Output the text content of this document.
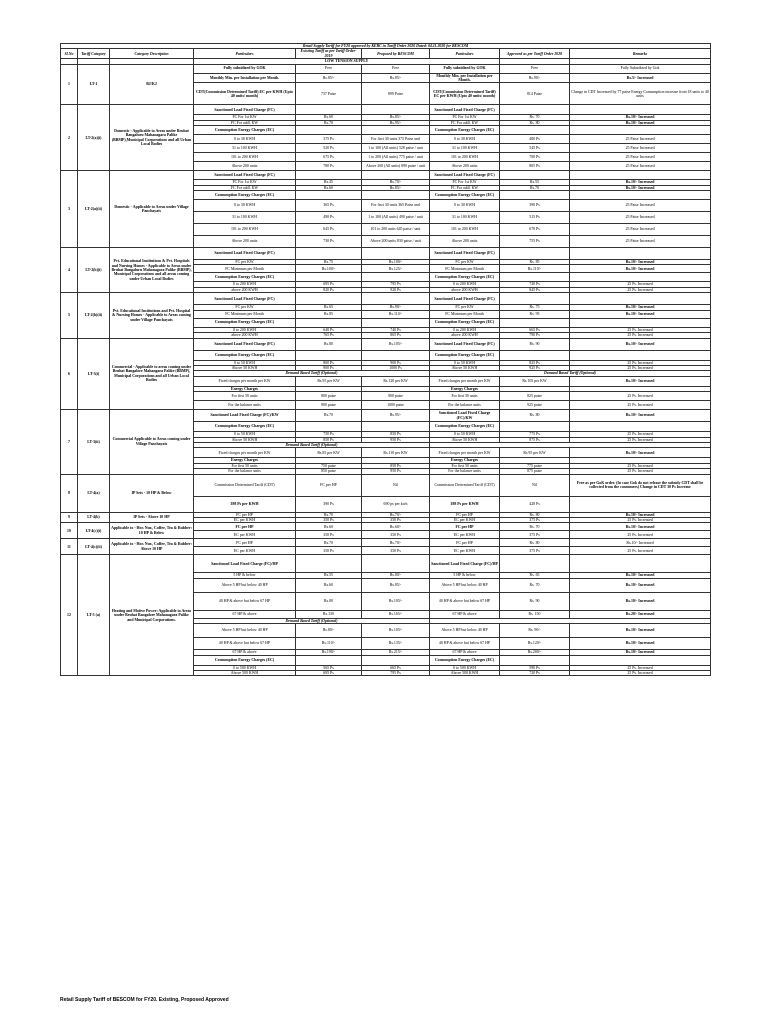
Retail Supply Tariff for FY20 approved by KERC in Tariff Order 2020 Dated: 04.11.2020 for BESCOM								
Sl.No	Tariff Category	Category Description	Particulars	Existing Tariff as per Tariff Order-2019	Proposed by BESCOM	Particulars	Approved as per Tariff Order 2020	Remarks
			LOW TENSION SUPPLY					
1	LT-1	BJ/KJ	Fully subsidized by GOK	Free	Free	Fully subsidized by GOK	Free	Fully Subsidized by Gok
			Monthly Min. per Installation per Month.	Rs.85/-	Rs.85/-	Monthly Min. per Installation per Month.	Rs.90/-	Rs.5/- Increased
			CDT(Commission Determined Tariff) EC per KWH (Upto 40 units/ month)	737 Paise	899 Paise	CDT(Commission Determined Tariff) EC per KWH (Upto 40 units/ month)	814 Paise	Change in CDT Increased by 77 paise Energy Consumption increase from 18 units to 40 units
2	LT-2(a)(i)	Domestic - Applicable to Areas under Bruhat Bangaluru Mahanagara Palike (BBMP),Municipal Corporations and all Urban Local Bodies	Sanctioned Load Fixed Charge (FC)			Sanctioned Load Fixed Charge (FC)		
			FC For 1st KW	Rs.60	Rs.85/-	FC For 1st KW	Rs. 70	Rs.10/- Increased
			FC For addl. KW	Rs.70	Rs.95/-	FC For addl. KW	Rs. 80	Rs.10/- Increased
			Consumption Energy Charges (EC)			Consumption Energy Charges (EC)		
			0 to 30 KWH	375 Ps	For fisrt 30 units 375 Paise and	0 to 30 KWH	400 Ps	25 Paise Increased
			31 to 100 KWH	520 Ps	1 to 100 (All units) 528 paise / unit	31 to 100 KWH	545 Ps	25 Paise Increased
			101 to 200 KWH	675 Ps	1 to 200 (All units) 775 paise / unit	101 to 200 KWH	700 Ps	25 Paise Increased
			Above 200 units	780 Ps	Above 200 (All units) 890 paise / unit	Above 200 units	805 Ps	25 Paise Increased
3	LT-2(a)(ii)	Domestic - Applicable to Areas under Village Panchayats	Sanctioned Load Fixed Charge (FC)			Sanctioned Load Fixed Charge (FC)		
			FC For 1st KW	Rs.45	Rs.70/-	FC For 1st KW	Rs.55	Rs.10/- Increased
			FC For addl. KW	Rs.60	Rs.85/-	FC For addl. KW	Rs.70	Rs.10/- Increased
			Consumption Energy Charges (EC)			Consumption Energy Charges (EC)		
			0 to 30 KWH	365 Ps	For fisrt 30 units 365 Paise and	0 to 30 KWH	390 Ps	25 Paise Increased
			31 to 100 KWH	490 Ps	1 to 100 (All units) 490 paise / unit	31 to 100 KWH	515 Ps	25 Paise Increased
			101 to 200 KWH	645 Ps	101 to 200 units 645 paise / unit	101 to 200 KWH	670 Ps	25 Paise Increased
			Above 200 units	730 Ps	Above 200 units 830 paise / unit	Above 200 units	755 Ps	25 Paise Increased
4	LT-2(b)(i)	Pvt. Educational Institutions & Pvt. Hospitals and Nursing Homes - Applicable to Areas under Bruhat Bangaluru Mahanagara Palike (BBMP), Municipal Corporations and all areas coming under Urban Local Bodies	Sanctioned Load Fixed Charge (FC)			Sanctioned Load Fixed Charge (FC)		
			FC per KW	Rs.75	Rs.100/-	FC per KW	Rs. 85	Rs.10/- Increased
			FC Minimum per Month	Rs.100/-	Rs.125/-	FC Minimum per Month	Rs.110/-	Rs.10/- Increased
			Consumption Energy Charges (EC)			Consumption Energy Charges (EC)		
			0 to 200 KWH	695 Ps	795 Ps	0 to 200 KWH	720 Ps	25 Ps. Increased
			above 200 KWH	820 Ps	920 Ps	above 200 KWH	845 Ps	25 Ps. Increased
5	LT-2(b)(ii)	Pvt. Educational Institutions and Pvt. Hospital & Nursing Homes - Applicable to Areas coming under Village Panchayats	Sanctioned Load Fixed Charge (FC)			Sanctioned Load Fixed Charge (FC)		
			FC per KW	Rs.65	Rs.90/-	FC per KW	Rs. 75	Rs.10/- Increased
			FC Minimum per Month	Rs.85	Rs.110/-	FC Minimum per Month	Rs. 95	Rs.10/- Increased
			Consumption Energy Charges (EC)			Consumption Energy Charges (EC)		
			0 to 200 KWH	640 Ps	740 Ps	0 to 200 KWH	665 Ps	25 Ps. Increased
			above 200 KWH	765 Ps	865 Ps	above 200 KWH	790 Ps	25 Ps. Increased
6	LT-3(i)	Commercial - Applicable to areas coming under Bruhat Bangalore Mahangara Palike (BBMP), Municipal Corporations and all Urban Local Bodies	Sanctioned Load Fixed Charge (FC)	Rs.80	Rs.105/-	Sanctioned Load Fixed Charge (FC)	Rs. 90	Rs.10/- Increased
			Consumption Energy Charges (EC)			Consumption Energy Charges (EC)		
			0 to 50 KWH	800 Ps	900 Ps	0 to 50 KWH	825 Ps	25 Ps. Increased
			Above 50 KWH	900 Ps	1000 Ps	Above 50 KWH	925 Ps	25 Ps. Increased
			Demand Based Tariff (Optional)			Demand Based Tariff (Optional)		
			Fixed charges per month per KW	Rs.95 per KW	Rs.120 per KW	Fixed charges per month per KW	Rs.105 per KW	Rs.10/- Increased
			Energy Charges			Energy Charges		
			For first 50 units	800 paise	900 paise	For first 50 units	825 paise	25 Ps. Increased
			For the balance units	900 paise	1000 paise	For the balance units	925 paise	25 Ps. Increased
7	LT-3(ii)	Commercial Applicable to Areas coming under Village Panchayats	Sanctioned Load Fixed Charge (FC)/KW	Rs.70	Rs.95/-	Sanctioned Load Fixed Charge (FC)/KW	Rs. 80	Rs.10/- Increased
			Consumption Energy Charges (EC)			Consumption Energy Charges (EC)		
			0 to 50 KWH	750 Ps	850 Ps	0 to 50 KWH	775 Ps	25 Ps. Increased
			Above 50 KWH	850 Ps	950 Ps	Above 50 KWH	875 Ps	25 Ps. Increased
			Demand Based Tariff (Optional)					
			Fixed charges per month per KW	Rs.85 per KW	Rs.110 per KW	Fixed charges per month per KW	Rs.95 per KW	Rs.10/- Increased
			Energy Charges			Energy Charges		
			For first 50 units	750 paise	850 Ps	For first 50 units	775 paise	25 Ps. Increased
			For the balance units	850 paise	950 Ps	For the balance units	875 paise	25 Ps. Increased
8	LT-4(a)	IP Sets - 10 HP & Below	Commission Determined Tariff (CDT)	FC per HP	Nil	Commission Determined Tariff (CDT)	Nil	Free as per GoK order. (In case Gok do not release the subsidy CDT shall be collected from the consumers) Change in CDT 30 Ps Increase
			398 Ps per KWH	390 Ps	690 ps per kwh	398 Ps per KWH	428 Ps	
9	LT-4(b)	IP Sets - Above 10 HP	FC per HP	Rs.70	Rs.70/-	FC per HP	Rs. 80	Rs.10/- Increased
			EC per KWH	350 Ps	350 Ps	EC per KWH	375 Ps	25 Ps. Increased
10	LT-4(c)(i)	Applicable to - Hor. Nur., Coffee, Tea & Rubber: 10 HP & Below	FC per HP	Rs.60	Rs.60/-	FC per HP	Rs. 70	Rs.10/- Increased
			EC per KWH	350 Ps	350 Ps	EC per KWH	375 Ps	25 Ps. Increased
11	LT-4(c)(ii)	Applicable to - Hor. Nur., Coffee, Tea & Rubber: Above 10 HP	FC per HP	Rs.70	Rs.70/-	FC per HP	Rs. 80	Rs.10/- Increased
			EC per KWH	350 Ps	350 Ps	EC per KWH	375 Ps	25 Ps. Increased
12	LT-5 (a)	Heating and Motive Power: Applicable to Areas under Bruhat Bangalore Mahanagara Palike and Municipal Corporations.	Sanctioned Load Fixed Charge (FC)/HP			Sanctioned Load Fixed Charge (FC)/HP		
			5 HP & below	Rs.55	Rs.80/-	5 HP & below	Rs. 65	Rs.10/- Increased
			Above 5 HP but below 40 HP	Rs.60	Rs.85/-	Above 5 HP but below 40 HP	Rs. 70	Rs.10/- Increased
			40 HP & above but below 67 HP	Rs.80	Rs.105/-	40 HP & above but below 67 HP	Rs. 90	Rs.10/- Increased
			67 HP & above	Rs.130	Rs.165/-	67 HP & above	Rs. 150	Rs.20/- Increased
			Demand Based Tariff (Optional)					
			Above 5 HP but below 40 HP	Rs.80/-	Rs.105/-	Above 5 HP but below 40 HP	Rs. 90/-	Rs.10/- Increased
			40 HP & above but below 67 HP	Rs.110/-	Rs.135/-	40 HP & above but below 67 HP	Rs.120/-	Rs.10/- Increased
			67 HP & above	Rs.190/-	Rs.215/-	67 HP & above	Rs.200/-	Rs.10/- Increased
			Consumption Energy Charges (EC)			Consumption Energy Charges (EC)		
			0 to 500 KWH	565 Ps	665 Ps	0 to 500 KWH	590 Ps	25 Ps. Increased
			Above 500 KWH	695 Ps	795 Ps	Above 500 KWH	720 Ps	25 Ps. Increased
Retail Supply Tariff of BESCOM for FY20. Existing, Proposed Approved
